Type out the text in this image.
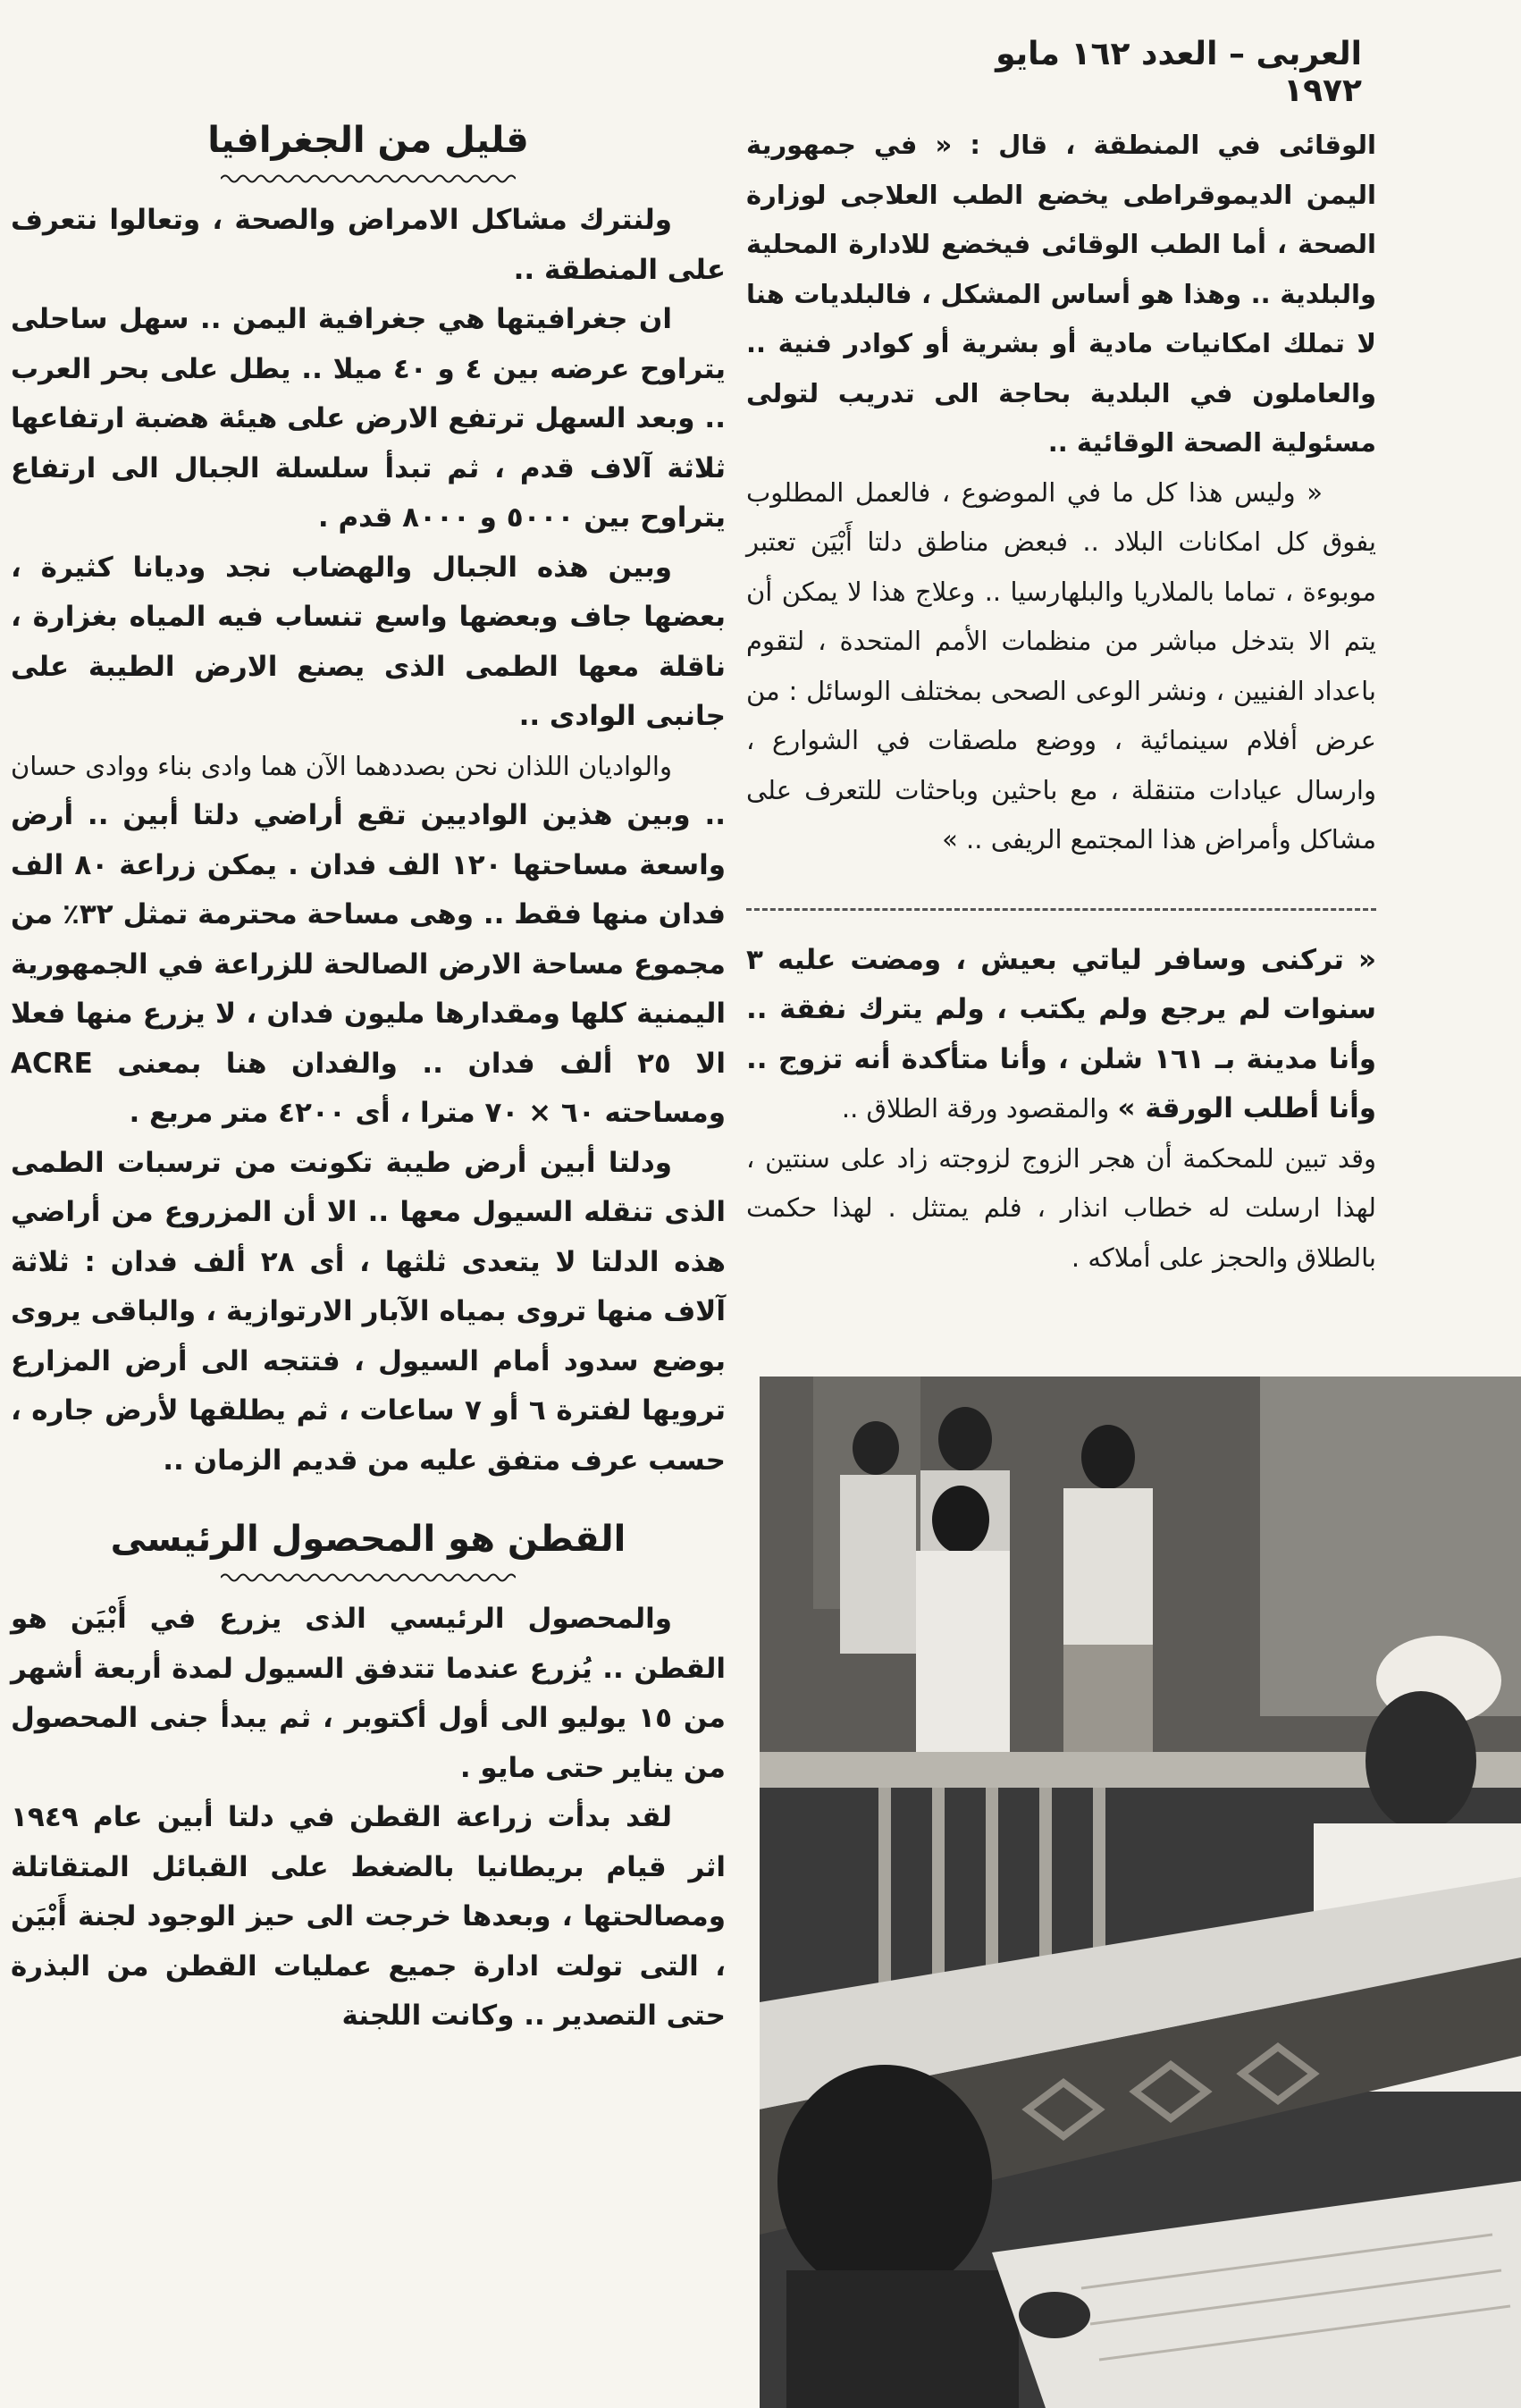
العربى – العدد ١٦٢ مايو ١٩٧٢

الوقائى في المنطقة ، قال : « في جمهورية اليمن الديموقراطى يخضع الطب العلاجى لوزارة الصحة ، أما الطب الوقائى فيخضع للادارة المحلية والبلدية .. وهذا هو أساس المشكل ، فالبلديات هنا لا تملك امكانيات مادية أو بشرية أو كوادر فنية .. والعاملون في البلدية بحاجة الى تدريب لتولى مسئولية الصحة الوقائية ..

« وليس هذا كل ما في الموضوع ، فالعمل المطلوب يفوق كل امكانات البلاد .. فبعض مناطق دلتا أَبْيَن تعتبر موبوءة ، تماما بالملاريا والبلهارسيا .. وعلاج هذا لا يمكن أن يتم الا بتدخل مباشر من منظمات الأمم المتحدة ، لتقوم باعداد الفنيين ، ونشر الوعى الصحى بمختلف الوسائل : من عرض أفلام سينمائية ، ووضع ملصقات في الشوارع ، وارسال عيادات متنقلة ، مع باحثين وباحثات للتعرف على مشاكل وأمراض هذا المجتمع الريفى .. »

« تركنى وسافر لياتي بعيش ، ومضت عليه ٣ سنوات لم يرجع ولم يكتب ، ولم يترك نفقة .. وأنا مدينة بـ ١٦١ شلن ، وأنا متأكدة أنه تزوج .. وأنا أطلب الورقة » والمقصود ورقة الطلاق ..

وقد تبين للمحكمة أن هجر الزوج لزوجته زاد على سنتين ، لهذا ارسلت له خطاب انذار ، فلم يمتثل . لهذا حكمت بالطلاق والحجز على أملاكه .

قليل من الجغرافيا

ولنترك مشاكل الامراض والصحة ، وتعالوا نتعرف على المنطقة ..

ان جغرافيتها هي جغرافية اليمن .. سهل ساحلى يتراوح عرضه بين ٤ و ٤٠ ميلا .. يطل على بحر العرب .. وبعد السهل ترتفع الارض على هيئة هضبة ارتفاعها ثلاثة آلاف قدم ، ثم تبدأ سلسلة الجبال الى ارتفاع يتراوح بين ٥٠٠٠ و ٨٠٠٠ قدم .

وبين هذه الجبال والهضاب نجد وديانا كثيرة ، بعضها جاف وبعضها واسع تنساب فيه المياه بغزارة ، ناقلة معها الطمى الذى يصنع الارض الطيبة على جانبى الوادى ..

والواديان اللذان نحن بصددهما الآن هما وادى بناء ووادى حسان .. وبين هذين الواديين تقع أراضي دلتا أبين .. أرض واسعة مساحتها ١٢٠ الف فدان . يمكن زراعة ٨٠ الف فدان منها فقط .. وهى مساحة محترمة تمثل ٣٢٪ من مجموع مساحة الارض الصالحة للزراعة في الجمهورية اليمنية كلها ومقدارها مليون فدان ، لا يزرع منها فعلا الا ٢٥ ألف فدان .. والفدان هنا بمعنى ACRE ومساحته ٦٠ × ٧٠ مترا ، أى ٤٢٠٠ متر مربع .

ودلتا أبين أرض طيبة تكونت من ترسبات الطمى الذى تنقله السيول معها .. الا أن المزروع من أراضي هذه الدلتا لا يتعدى ثلثها ، أى ٢٨ ألف فدان : ثلاثة آلاف منها تروى بمياه الآبار الارتوازية ، والباقى يروى بوضع سدود أمام السيول ، فتتجه الى أرض المزارع ترويها لفترة ٦ أو ٧ ساعات ، ثم يطلقها لأرض جاره ، حسب عرف متفق عليه من قديم الزمان ..

القطن هو المحصول الرئيسى

والمحصول الرئيسي الذى يزرع في أَبْيَن هو القطن .. يُزرع عندما تتدفق السيول لمدة أربعة أشهر من ١٥ يوليو الى أول أكتوبر ، ثم يبدأ جنى المحصول من يناير حتى مايو .

لقد بدأت زراعة القطن في دلتا أبين عام ١٩٤٩ اثر قيام بريطانيا بالضغط على القبائل المتقاتلة ومصالحتها ، وبعدها خرجت الى حيز الوجود لجنة أَبْيَن ، التى تولت ادارة جميع عمليات القطن من البذرة حتى التصدير .. وكانت اللجنة
